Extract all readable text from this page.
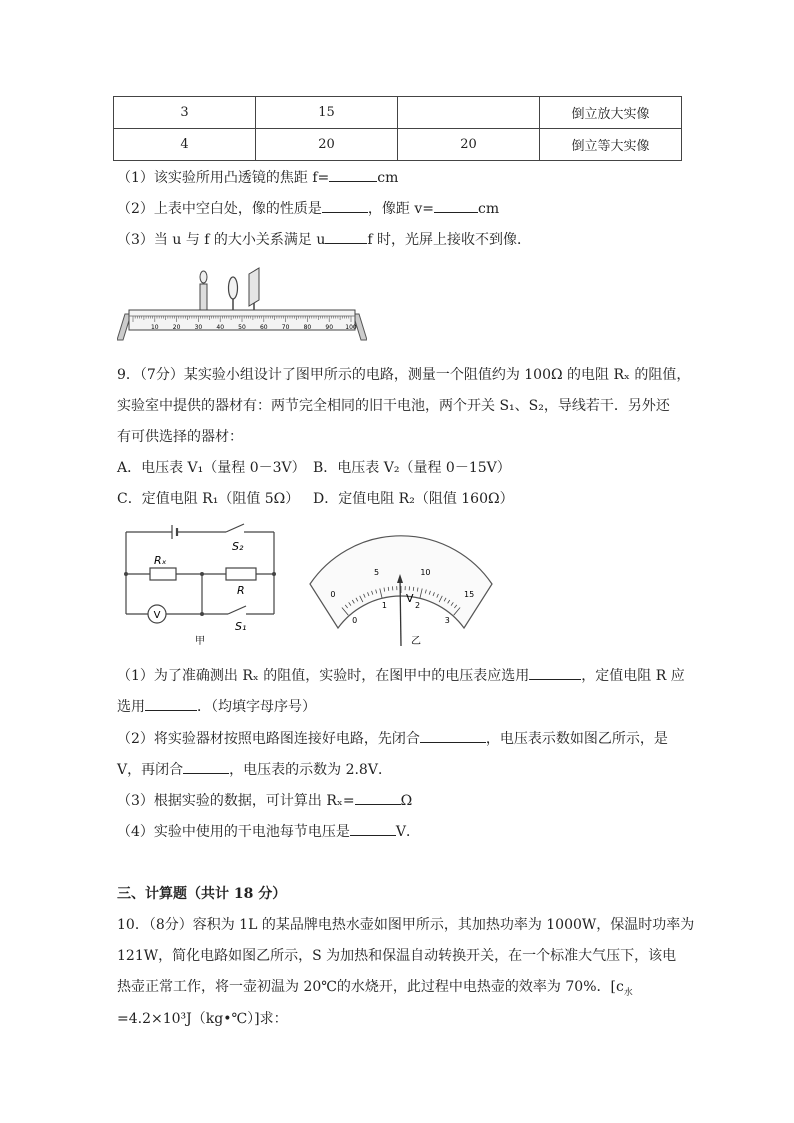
3	15		倒立放大实像
4	20	20	倒立等大实像
（1）该实验所用凸透镜的焦距 f=	cm
（2）上表中空白处，像的性质是	，像距 v=	cm
（3）当 u 与 f 的大小关系满足 u	f 时，光屏上接收不到像．
10 20 30 40 50 60 70 80 90 100
9．（7分）某实验小组设计了图甲所示的电路，测量一个阻值约为 100Ω 的电阻 Rₓ 的阻值，
实验室中提供的器材有：两节完全相同的旧干电池，两个开关 S₁、S₂，导线若干．另外还
有可供选择的器材：
A．电压表 V₁（量程 0－3V） B．电压表 V₂（量程 0－15V）
C．定值电阻 R₁（阻值 5Ω） D．定值电阻 R₂（阻值 160Ω）
S₂
S₁
Rₓ
R
V
甲
0
5	10
15
0
1	2
3
V
乙
（1）为了准确测出 Rₓ 的阻值，实验时，在图甲中的电压表应选用	，定值电阻 R 应
选用	．（均填字母序号）
（2）将实验器材按照电路图连接好电路，先闭合	，电压表示数如图乙所示，是
V，再闭合	，电压表的示数为 2.8V．
（3）根据实验的数据，可计算出 Rₓ=	Ω
（4）实验中使用的干电池每节电压是	V．
三、计算题（共计 18 分）
10．（8分）容积为 1L 的某品牌电热水壶如图甲所示，其加热功率为 1000W，保温时功率为
121W，简化电路如图乙所示，S 为加热和保温自动转换开关，在一个标准大气压下，该电
热壶正常工作，将一壶初温为 20℃的水烧开，此过程中电热壶的效率为 70%．[$c_水$
=4.2×10³J（kg•℃）]求：
